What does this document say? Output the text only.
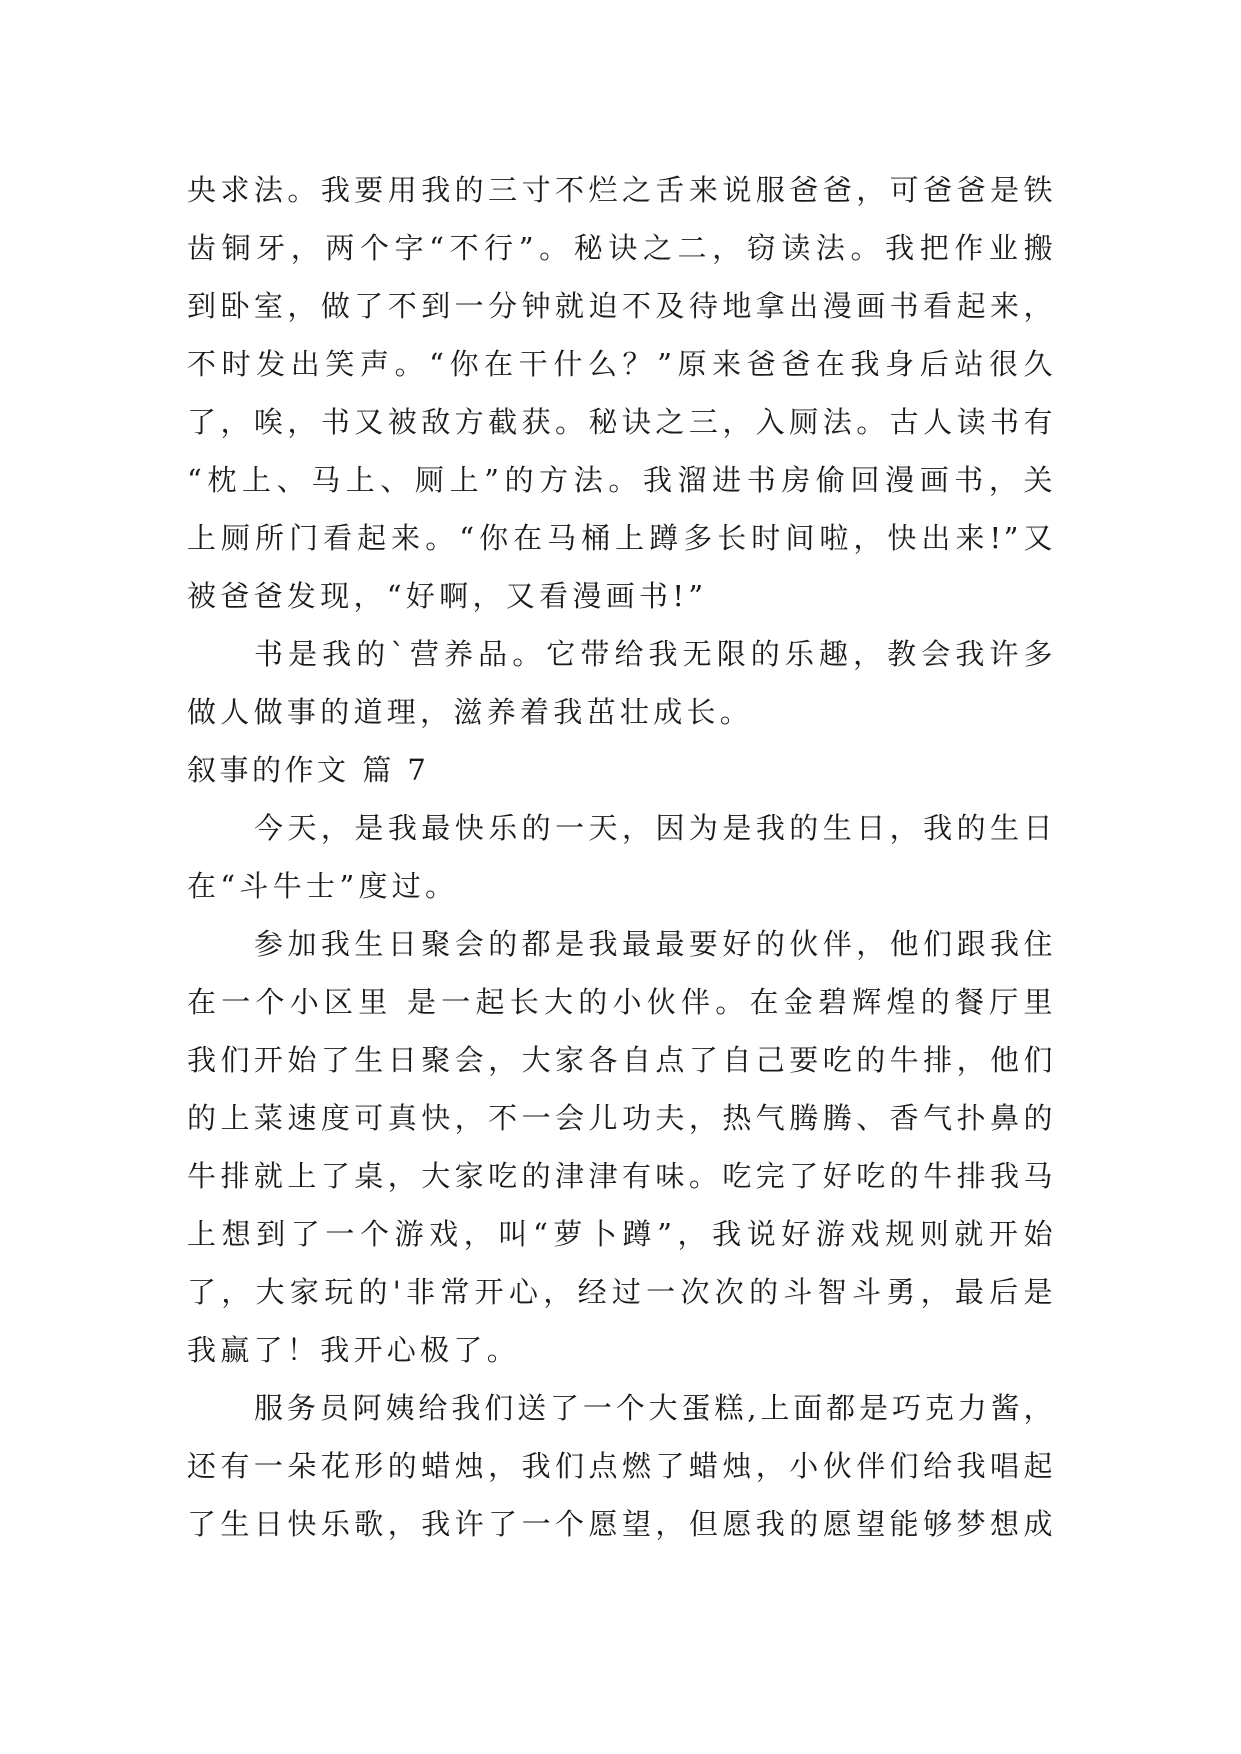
央求法。我要用我的三寸不烂之舌来说服爸爸，可爸爸是铁
齿铜牙，两个字“不行”。秘诀之二，窃读法。我把作业搬
到卧室，做了不到一分钟就迫不及待地拿出漫画书看起来，
不时发出笑声。“你在干什么？”原来爸爸在我身后站很久
了，唉，书又被敌方截获。秘诀之三，入厕法。古人读书有
“枕上、马上、厕上”的方法。我溜进书房偷回漫画书，关
上厕所门看起来。“你在马桶上蹲多长时间啦，快出来!”又
被爸爸发现，“好啊，又看漫画书!”
书是我的`营养品。它带给我无限的乐趣，教会我许多
做人做事的道理，滋养着我茁壮成长。
叙事的作文 篇 7
今天，是我最快乐的一天，因为是我的生日，我的生日
在“斗牛士”度过。
参加我生日聚会的都是我最最要好的伙伴，他们跟我住
在一个小区里 是一起长大的小伙伴。在金碧辉煌的餐厅里
我们开始了生日聚会，大家各自点了自己要吃的牛排，他们
的上菜速度可真快，不一会儿功夫，热气腾腾、香气扑鼻的
牛排就上了桌，大家吃的津津有味。吃完了好吃的牛排我马
上想到了一个游戏，叫“萝卜蹲”，我说好游戏规则就开始
了，大家玩的'非常开心，经过一次次的斗智斗勇，最后是
我赢了！我开心极了。
服务员阿姨给我们送了一个大蛋糕,上面都是巧克力酱，
还有一朵花形的蜡烛，我们点燃了蜡烛，小伙伴们给我唱起
了生日快乐歌，我许了一个愿望，但愿我的愿望能够梦想成
